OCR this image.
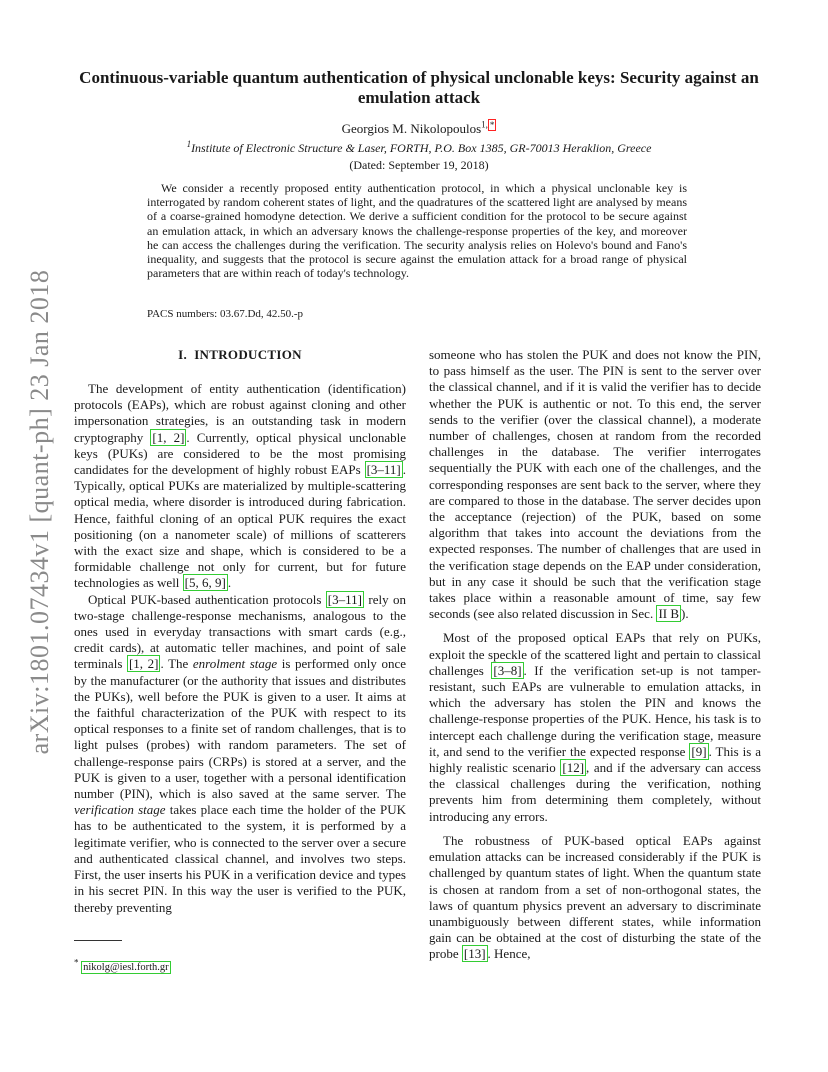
arXiv:1801.07434v1 [quant-ph] 23 Jan 2018
Continuous-variable quantum authentication of physical unclonable keys: Security against an emulation attack
Georgios M. Nikolopoulos$^{1, *}$
$^1$Institute of Electronic Structure & Laser, FORTH, P.O. Box 1385, GR-70013 Heraklion, Greece
(Dated: September 19, 2018)

We consider a recently proposed entity authentication protocol, in which a physical unclonable key is interrogated by random coherent states of light, and the quadratures of the scattered light are analysed by means of a coarse-grained homodyne detection. We derive a sufficient condition for the protocol to be secure against an emulation attack, in which an adversary knows the challenge-response properties of the key, and moreover he can access the challenges during the verification. The security analysis relies on Holevo's bound and Fano's inequality, and suggests that the protocol is secure against the emulation attack for a broad range of physical parameters that are within reach of today's technology.

PACS numbers: 03.67.Dd, 42.50.-p

I. INTRODUCTION

The development of entity authentication (identification) protocols (EAPs), which are robust against cloning and other impersonation strategies, is an outstanding task in modern cryptography [1, 2] . Currently, optical physical unclonable keys (PUKs) are considered to be the most promising candidates for the development of highly robust EAPs [3–11] . Typically, optical PUKs are materialized by multiple-scattering optical media, where disorder is introduced during fabrication. Hence, faithful cloning of an optical PUK requires the exact positioning (on a nanometer scale) of millions of scatterers with the exact size and shape, which is considered to be a formidable challenge not only for current, but for future technologies as well [5, 6, 9] .

Optical PUK-based authentication protocols [3–11] rely on two-stage challenge-response mechanisms, analogous to the ones used in everyday transactions with smart cards (e.g., credit cards), at automatic teller machines, and point of sale terminals [1, 2] . The enrolment stage is performed only once by the manufacturer (or the authority that issues and distributes the PUKs), well before the PUK is given to a user. It aims at the faithful characterization of the PUK with respect to its optical responses to a finite set of random challenges, that is to light pulses (probes) with random parameters. The set of challenge-response pairs (CRPs) is stored at a server, and the PUK is given to a user, together with a personal identification number (PIN), which is also saved at the same server. The verification stage takes place each time the holder of the PUK has to be authenticated to the system, it is performed by a legitimate verifier, who is connected to the server over a secure and authenticated classical channel, and involves two steps. First, the user inserts his PUK in a verification device and types in his secret PIN. In this way the user is verified to the PUK, thereby preventing

someone who has stolen the PUK and does not know the PIN, to pass himself as the user. The PIN is sent to the server over the classical channel, and if it is valid the verifier has to decide whether the PUK is authentic or not. To this end, the server sends to the verifier (over the classical channel), a moderate number of challenges, chosen at random from the recorded challenges in the database. The verifier interrogates sequentially the PUK with each one of the challenges, and the corresponding responses are sent back to the server, where they are compared to those in the database. The server decides upon the acceptance (rejection) of the PUK, based on some algorithm that takes into account the deviations from the expected responses. The number of challenges that are used in the verification stage depends on the EAP under consideration, but in any case it should be such that the verification stage takes place within a reasonable amount of time, say few seconds (see also related discussion in Sec. II B ).

Most of the proposed optical EAPs that rely on PUKs, exploit the speckle of the scattered light and pertain to classical challenges [3–8] . If the verification set-up is not tamper-resistant, such EAPs are vulnerable to emulation attacks, in which the adversary has stolen the PIN and knows the challenge-response properties of the PUK. Hence, his task is to intercept each challenge during the verification stage, measure it, and send to the verifier the expected response [9] . This is a highly realistic scenario [12] , and if the adversary can access the classical challenges during the verification, nothing prevents him from determining them completely, without introducing any errors.

The robustness of PUK-based optical EAPs against emulation attacks can be increased considerably if the PUK is challenged by quantum states of light. When the quantum state is chosen at random from a set of non-orthogonal states, the laws of quantum physics prevent an adversary to discriminate unambiguously between different states, while information gain can be obtained at the cost of disturbing the state of the probe [13] . Hence,

* nikolg@iesl.forth.gr
